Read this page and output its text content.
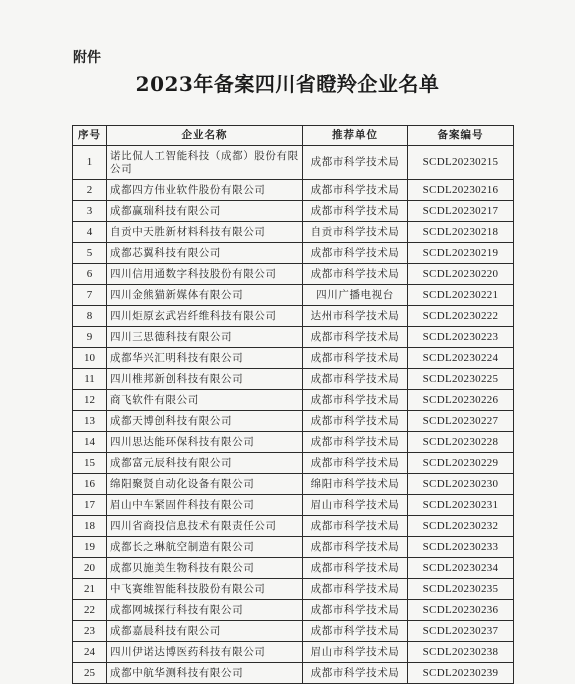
附件
2023年备案四川省瞪羚企业名单
序号	企业名称	推荐单位	备案编号
1	诺比侃人工智能科技（成都）股份有限公司	成都市科学技术局	SCDL20230215
2	成都四方伟业软件股份有限公司	成都市科学技术局	SCDL20230216
3	成都赢瑞科技有限公司	成都市科学技术局	SCDL20230217
4	自贡中天胜新材料科技有限公司	自贡市科学技术局	SCDL20230218
5	成都芯翼科技有限公司	成都市科学技术局	SCDL20230219
6	四川信用通数字科技股份有限公司	成都市科学技术局	SCDL20230220
7	四川金熊猫新媒体有限公司	四川广播电视台	SCDL20230221
8	四川炬原玄武岩纤维科技有限公司	达州市科学技术局	SCDL20230222
9	四川三思德科技有限公司	成都市科学技术局	SCDL20230223
10	成都华兴汇明科技有限公司	成都市科学技术局	SCDL20230224
11	四川椎邦新创科技有限公司	成都市科学技术局	SCDL20230225
12	商飞软件有限公司	成都市科学技术局	SCDL20230226
13	成都天博创科技有限公司	成都市科学技术局	SCDL20230227
14	四川思达能环保科技有限公司	成都市科学技术局	SCDL20230228
15	成都富元辰科技有限公司	成都市科学技术局	SCDL20230229
16	绵阳聚贤自动化设备有限公司	绵阳市科学技术局	SCDL20230230
17	眉山中车紧固件科技有限公司	眉山市科学技术局	SCDL20230231
18	四川省商投信息技术有限责任公司	成都市科学技术局	SCDL20230232
19	成都长之琳航空制造有限公司	成都市科学技术局	SCDL20230233
20	成都贝施美生物科技有限公司	成都市科学技术局	SCDL20230234
21	中飞赛维智能科技股份有限公司	成都市科学技术局	SCDL20230235
22	成都网城探行科技有限公司	成都市科学技术局	SCDL20230236
23	成都嘉晨科技有限公司	成都市科学技术局	SCDL20230237
24	四川伊诺达博医药科技有限公司	眉山市科学技术局	SCDL20230238
25	成都中航华测科技有限公司	成都市科学技术局	SCDL20230239
